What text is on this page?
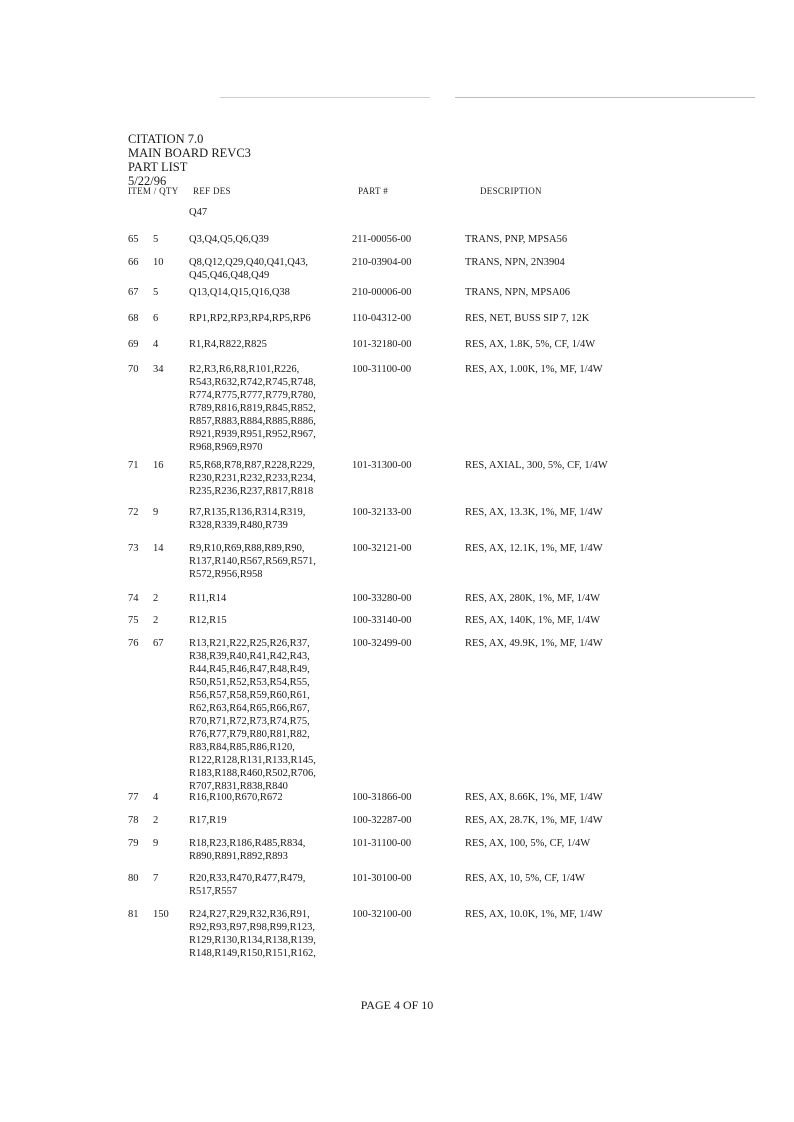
CITATION 7.0
MAIN BOARD REVC3
PART LIST
5/22/96
ITEM / QTY REF DES	PART #	DESCRIPTION
Q47
65 5	Q3,Q4,Q5,Q6,Q39	211-00056-00	TRANS, PNP, MPSA56
66 10 Q8,Q12,Q29,Q40,Q41,Q43,
Q45,Q46,Q48,Q49
210-03904-00	TRANS, NPN, 2N3904
67 5	Q13,Q14,Q15,Q16,Q38	210-00006-00	TRANS, NPN, MPSA06
68 6	RP1,RP2,RP3,RP4,RP5,RP6	110-04312-00	RES, NET, BUSS SIP 7, 12K
69 4	R1,R4,R822,R825	101-32180-00	RES, AX, 1.8K, 5%, CF, 1/4W
70 34 R2,R3,R6,R8,R101,R226,
R543,R632,R742,R745,R748,
R774,R775,R777,R779,R780,
R789,R816,R819,R845,R852,
R857,R883,R884,R885,R886,
R921,R939,R951,R952,R967,
R968,R969,R970
100-31100-00	RES, AX, 1.00K, 1%, MF, 1/4W
71 16 R5,R68,R78,R87,R228,R229,
R230,R231,R232,R233,R234,
R235,R236,R237,R817,R818
101-31300-00	RES, AXIAL, 300, 5%, CF, 1/4W
72 9	R7,R135,R136,R314,R319,
R328,R339,R480,R739
100-32133-00	RES, AX, 13.3K, 1%, MF, 1/4W
73 14 R9,R10,R69,R88,R89,R90,
R137,R140,R567,R569,R571,
R572,R956,R958
100-32121-00	RES, AX, 12.1K, 1%, MF, 1/4W
74 2	R11,R14	100-33280-00	RES, AX, 280K, 1%, MF, 1/4W
75 2	R12,R15	100-33140-00	RES, AX, 140K, 1%, MF, 1/4W
76 67 R13,R21,R22,R25,R26,R37,
R38,R39,R40,R41,R42,R43,
R44,R45,R46,R47,R48,R49,
R50,R51,R52,R53,R54,R55,
R56,R57,R58,R59,R60,R61,
R62,R63,R64,R65,R66,R67,
R70,R71,R72,R73,R74,R75,
R76,R77,R79,R80,R81,R82,
R83,R84,R85,R86,R120,
R122,R128,R131,R133,R145,
R183,R188,R460,R502,R706,
R707,R831,R838,R840
100-32499-00	RES, AX, 49.9K, 1%, MF, 1/4W
77 4	R16,R100,R670,R672	100-31866-00	RES, AX, 8.66K, 1%, MF, 1/4W
78 2	R17,R19	100-32287-00	RES, AX, 28.7K, 1%, MF, 1/4W
79 9	R18,R23,R186,R485,R834,
R890,R891,R892,R893
101-31100-00	RES, AX, 100, 5%, CF, 1/4W
80 7	R20,R33,R470,R477,R479,
R517,R557
101-30100-00	RES, AX, 10, 5%, CF, 1/4W
81 150 R24,R27,R29,R32,R36,R91,
R92,R93,R97,R98,R99,R123,
R129,R130,R134,R138,R139,
R148,R149,R150,R151,R162,
100-32100-00	RES, AX, 10.0K, 1%, MF, 1/4W
PAGE 4 OF 10
